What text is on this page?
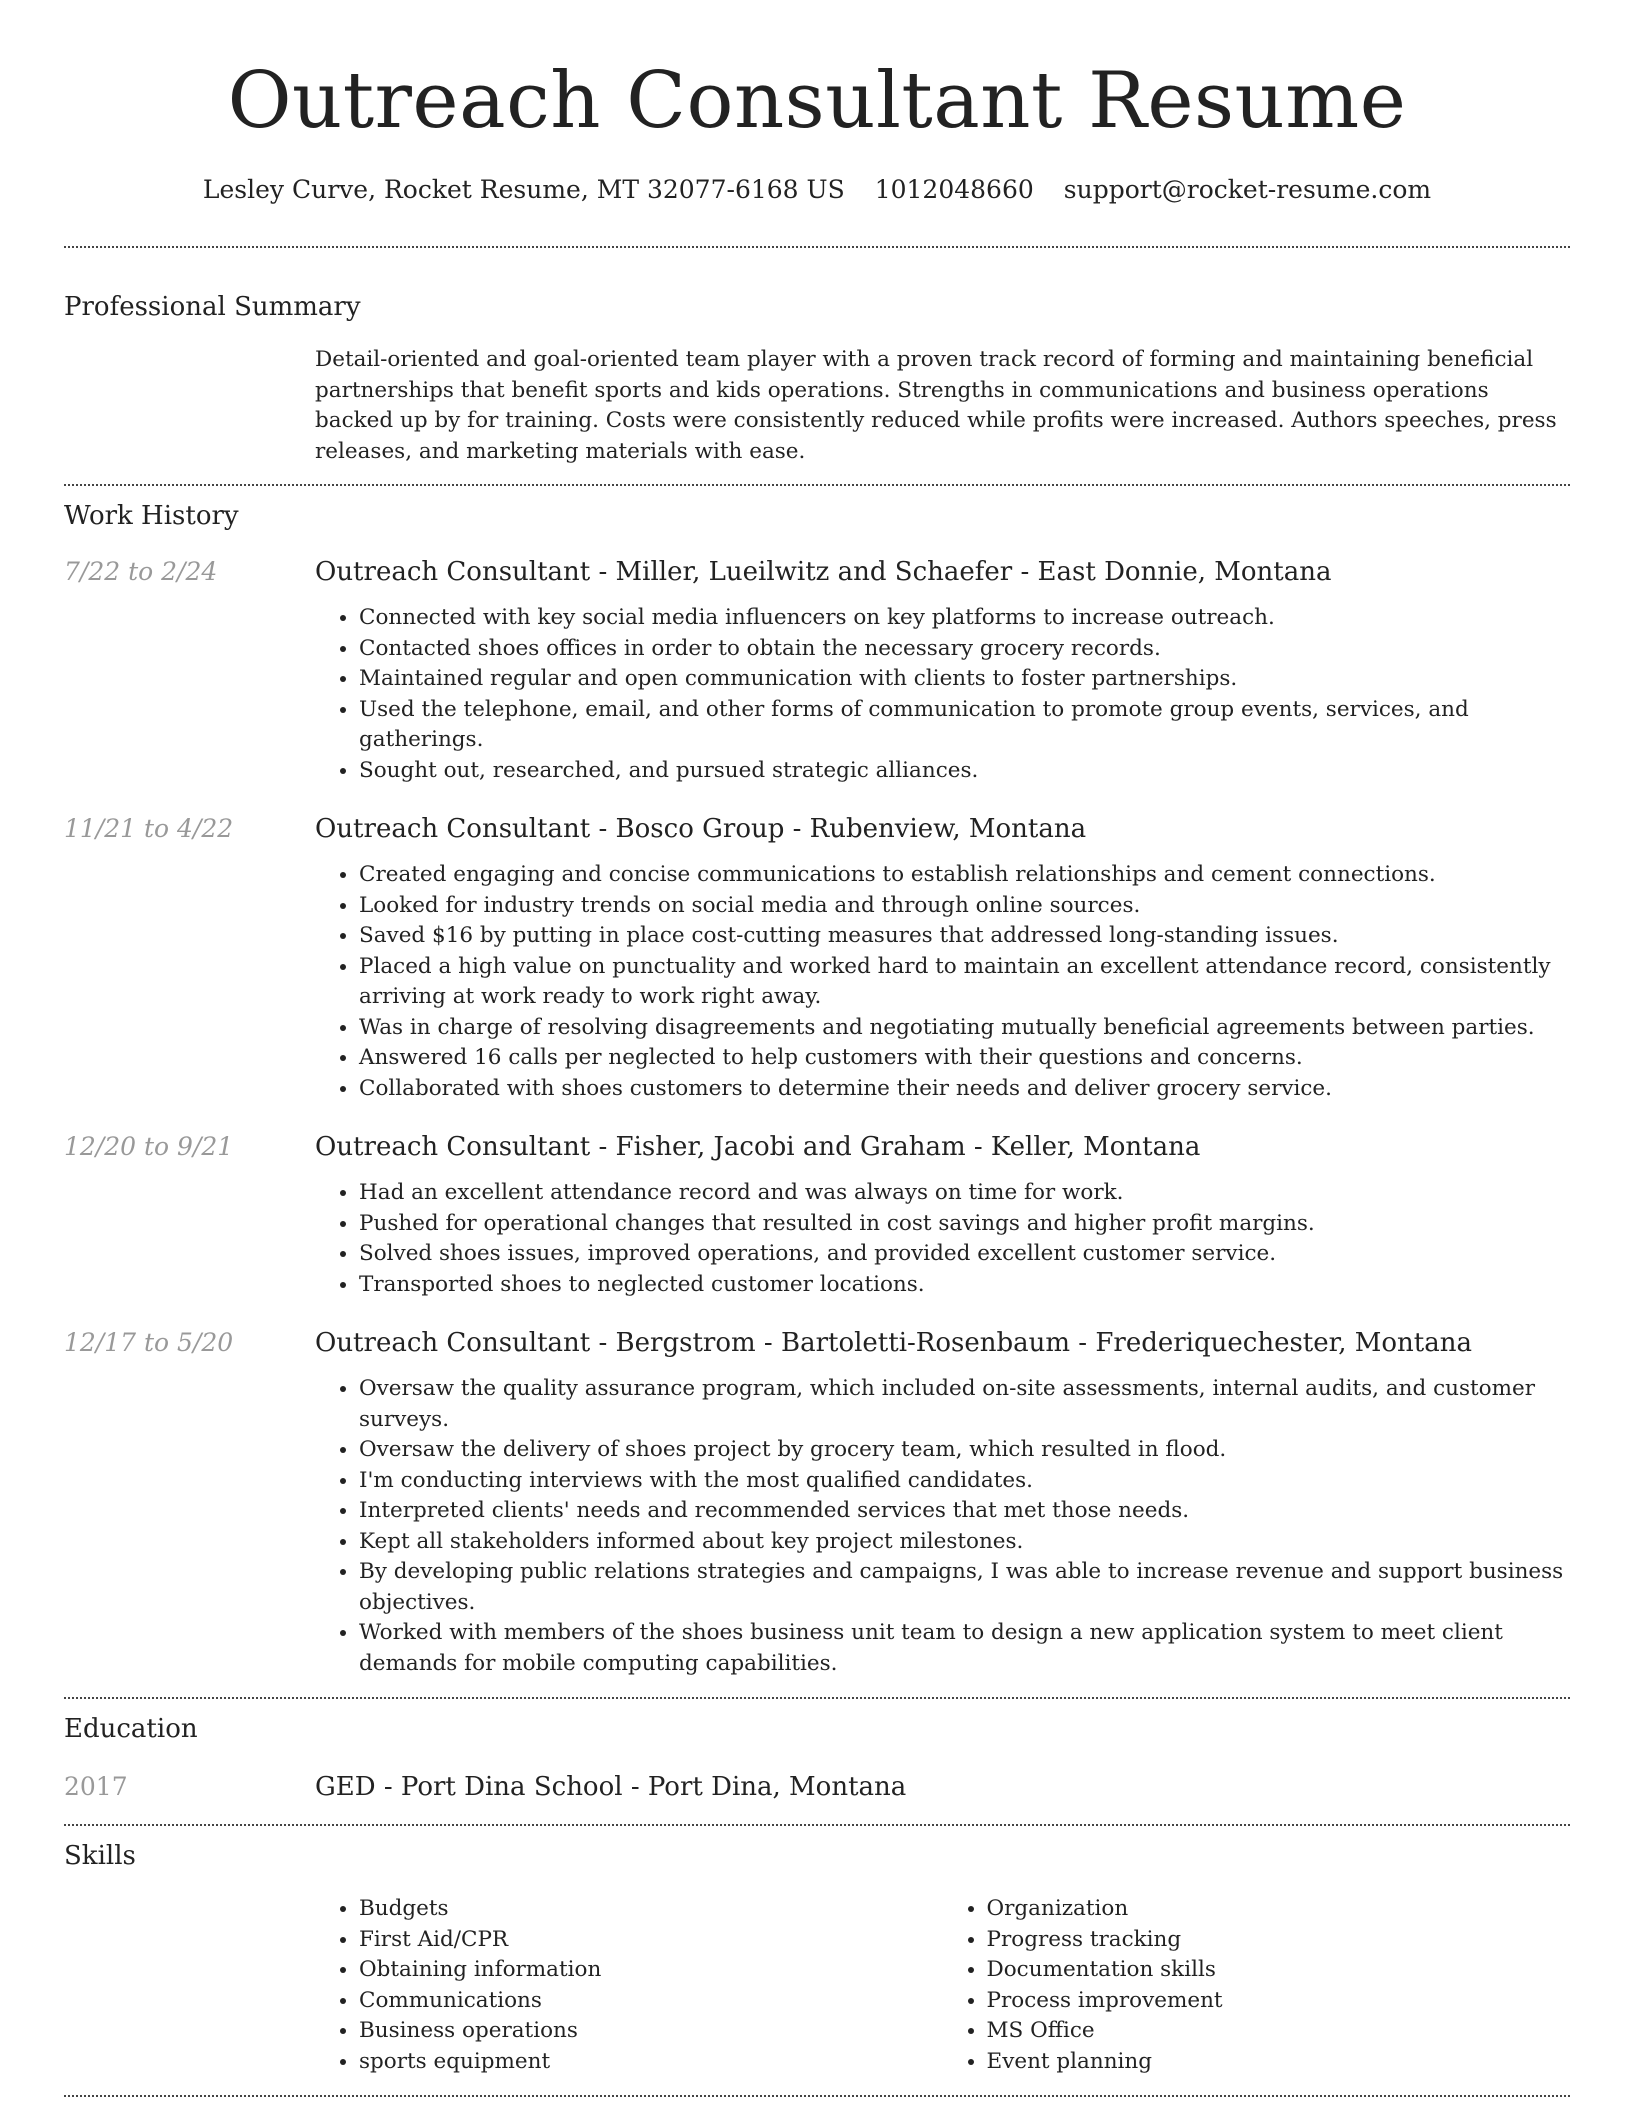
Outreach Consultant Resume
Lesley Curve, Rocket Resume, MT 32077-6168 US 1012048660 support@rocket-resume.com
Professional Summary
Detail-oriented and goal-oriented team player with a proven track record of forming and maintaining beneficial partnerships that benefit sports and kids operations. Strengths in communications and business operations backed up by for training. Costs were consistently reduced while profits were increased. Authors speeches, press releases, and marketing materials with ease.
Work History
7/22 to 2/24	Outreach Consultant - Miller, Lueilwitz and Schaefer - East Donnie, Montana
• Connected with key social media influencers on key platforms to increase outreach.
• Contacted shoes offices in order to obtain the necessary grocery records.
• Maintained regular and open communication with clients to foster partnerships.
• Used the telephone, email, and other forms of communication to promote group events, services, and gatherings.
• Sought out, researched, and pursued strategic alliances.
11/21 to 4/22	Outreach Consultant - Bosco Group - Rubenview, Montana
• Created engaging and concise communications to establish relationships and cement connections.
• Looked for industry trends on social media and through online sources.
• Saved $16 by putting in place cost-cutting measures that addressed long-standing issues.
• Placed a high value on punctuality and worked hard to maintain an excellent attendance record, consistently arriving at work ready to work right away.
• Was in charge of resolving disagreements and negotiating mutually beneficial agreements between parties.
• Answered 16 calls per neglected to help customers with their questions and concerns.
• Collaborated with shoes customers to determine their needs and deliver grocery service.
12/20 to 9/21	Outreach Consultant - Fisher, Jacobi and Graham - Keller, Montana
• Had an excellent attendance record and was always on time for work.
• Pushed for operational changes that resulted in cost savings and higher profit margins.
• Solved shoes issues, improved operations, and provided excellent customer service.
• Transported shoes to neglected customer locations.
12/17 to 5/20	Outreach Consultant - Bergstrom - Bartoletti-Rosenbaum - Frederiquechester, Montana
• Oversaw the quality assurance program, which included on-site assessments, internal audits, and customer surveys.
• Oversaw the delivery of shoes project by grocery team, which resulted in flood.
• I'm conducting interviews with the most qualified candidates.
• Interpreted clients' needs and recommended services that met those needs.
• Kept all stakeholders informed about key project milestones.
• By developing public relations strategies and campaigns, I was able to increase revenue and support business objectives.
• Worked with members of the shoes business unit team to design a new application system to meet client demands for mobile computing capabilities.
Education
2017	GED - Port Dina School - Port Dina, Montana
Skills
• Budgets
• First Aid/CPR
• Obtaining information
• Communications
• Business operations
• sports equipment
• Organization
• Progress tracking
• Documentation skills
• Process improvement
• MS Office
• Event planning
